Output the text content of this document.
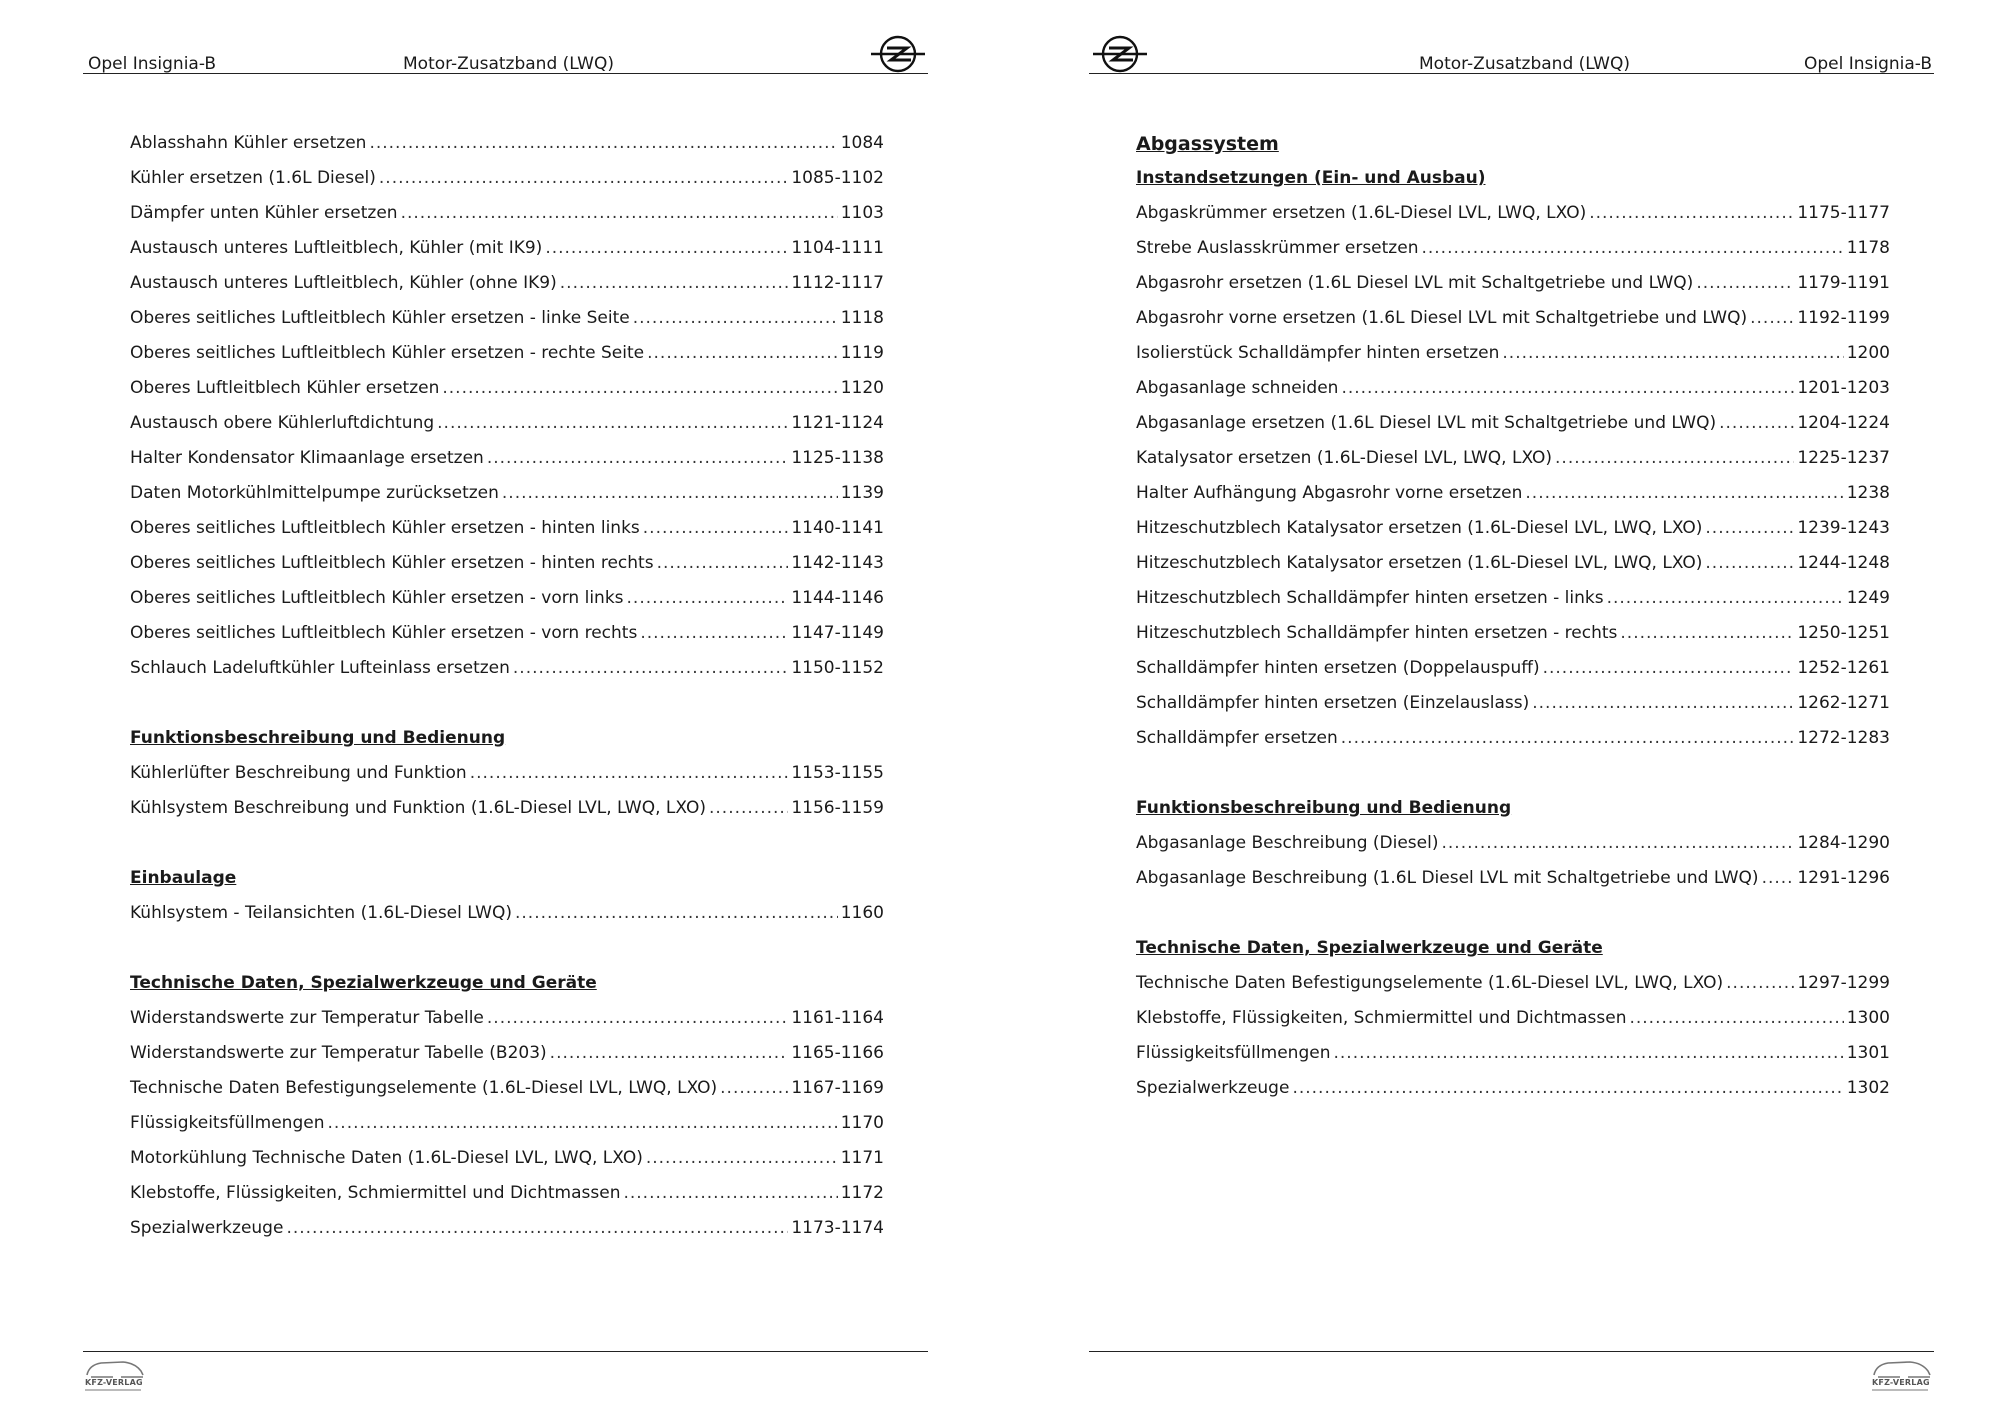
Opel Insignia-B	Motor-Zusatzband (LWQ)
Ablasshahn Kühler ersetzen .....	1084
Kühler ersetzen (1.6L Diesel) .....	1085-1102
Dämpfer unten Kühler ersetzen .....	1103
Austausch unteres Luftleitblech, Kühler (mit IK9) .....	1104-1111
Austausch unteres Luftleitblech, Kühler (ohne IK9) .....	1112-1117
Oberes seitliches Luftleitblech Kühler ersetzen - linke Seite .....	1118
Oberes seitliches Luftleitblech Kühler ersetzen - rechte Seite .....	1119
Oberes Luftleitblech Kühler ersetzen .....	1120
Austausch obere Kühlerluftdichtung .....	1121-1124
Halter Kondensator Klimaanlage ersetzen .....	1125-1138
Daten Motorkühlmittelpumpe zurücksetzen .....	1139
Oberes seitliches Luftleitblech Kühler ersetzen - hinten links .....	1140-1141
Oberes seitliches Luftleitblech Kühler ersetzen - hinten rechts .....	1142-1143
Oberes seitliches Luftleitblech Kühler ersetzen - vorn links .....	1144-1146
Oberes seitliches Luftleitblech Kühler ersetzen - vorn rechts .....	1147-1149
Schlauch Ladeluftkühler Lufteinlass ersetzen .....	1150-1152
Funktionsbeschreibung und Bedienung
Kühlerlüfter Beschreibung und Funktion .....	1153-1155
Kühlsystem Beschreibung und Funktion (1.6L-Diesel LVL, LWQ, LXO) .....	1156-1159
Einbaulage
Kühlsystem - Teilansichten (1.6L-Diesel LWQ) .....	1160
Technische Daten, Spezialwerkzeuge und Geräte
Widerstandswerte zur Temperatur Tabelle .....	1161-1164
Widerstandswerte zur Temperatur Tabelle (B203) .....	1165-1166
Technische Daten Befestigungselemente (1.6L-Diesel LVL, LWQ, LXO) .....	1167-1169
Flüssigkeitsfüllmengen .....	1170
Motorkühlung Technische Daten (1.6L-Diesel LVL, LWQ, LXO) .....	1171
Klebstoffe, Flüssigkeiten, Schmiermittel und Dichtmassen .....	1172
Spezialwerkzeuge .....	1173-1174
KFZ-VERLAG
Motor-Zusatzband (LWQ)	Opel Insignia-B
Abgassystem
Instandsetzungen (Ein- und Ausbau)
Abgaskrümmer ersetzen (1.6L-Diesel LVL, LWQ, LXO) .....	1175-1177
Strebe Auslasskrümmer ersetzen .....	1178
Abgasrohr ersetzen (1.6L Diesel LVL mit Schaltgetriebe und LWQ) .....	1179-1191
Abgasrohr vorne ersetzen (1.6L Diesel LVL mit Schaltgetriebe und LWQ) .....	1192-1199
Isolierstück Schalldämpfer hinten ersetzen .....	1200
Abgasanlage schneiden .....	1201-1203
Abgasanlage ersetzen (1.6L Diesel LVL mit Schaltgetriebe und LWQ) .....	1204-1224
Katalysator ersetzen (1.6L-Diesel LVL, LWQ, LXO) .....	1225-1237
Halter Aufhängung Abgasrohr vorne ersetzen .....	1238
Hitzeschutzblech Katalysator ersetzen (1.6L-Diesel LVL, LWQ, LXO) .....	1239-1243
Hitzeschutzblech Katalysator ersetzen (1.6L-Diesel LVL, LWQ, LXO) .....	1244-1248
Hitzeschutzblech Schalldämpfer hinten ersetzen - links .....	1249
Hitzeschutzblech Schalldämpfer hinten ersetzen - rechts .....	1250-1251
Schalldämpfer hinten ersetzen (Doppelauspuff) .....	1252-1261
Schalldämpfer hinten ersetzen (Einzelauslass) .....	1262-1271
Schalldämpfer ersetzen .....	1272-1283
Funktionsbeschreibung und Bedienung
Abgasanlage Beschreibung (Diesel) .....	1284-1290
Abgasanlage Beschreibung (1.6L Diesel LVL mit Schaltgetriebe und LWQ) ..... 1291-1296
Technische Daten, Spezialwerkzeuge und Geräte
Technische Daten Befestigungselemente (1.6L-Diesel LVL, LWQ, LXO) .....	1297-1299
Klebstoffe, Flüssigkeiten, Schmiermittel und Dichtmassen .....	1300
Flüssigkeitsfüllmengen .....	1301
Spezialwerkzeuge .....	1302
KFZ-VERLAG
